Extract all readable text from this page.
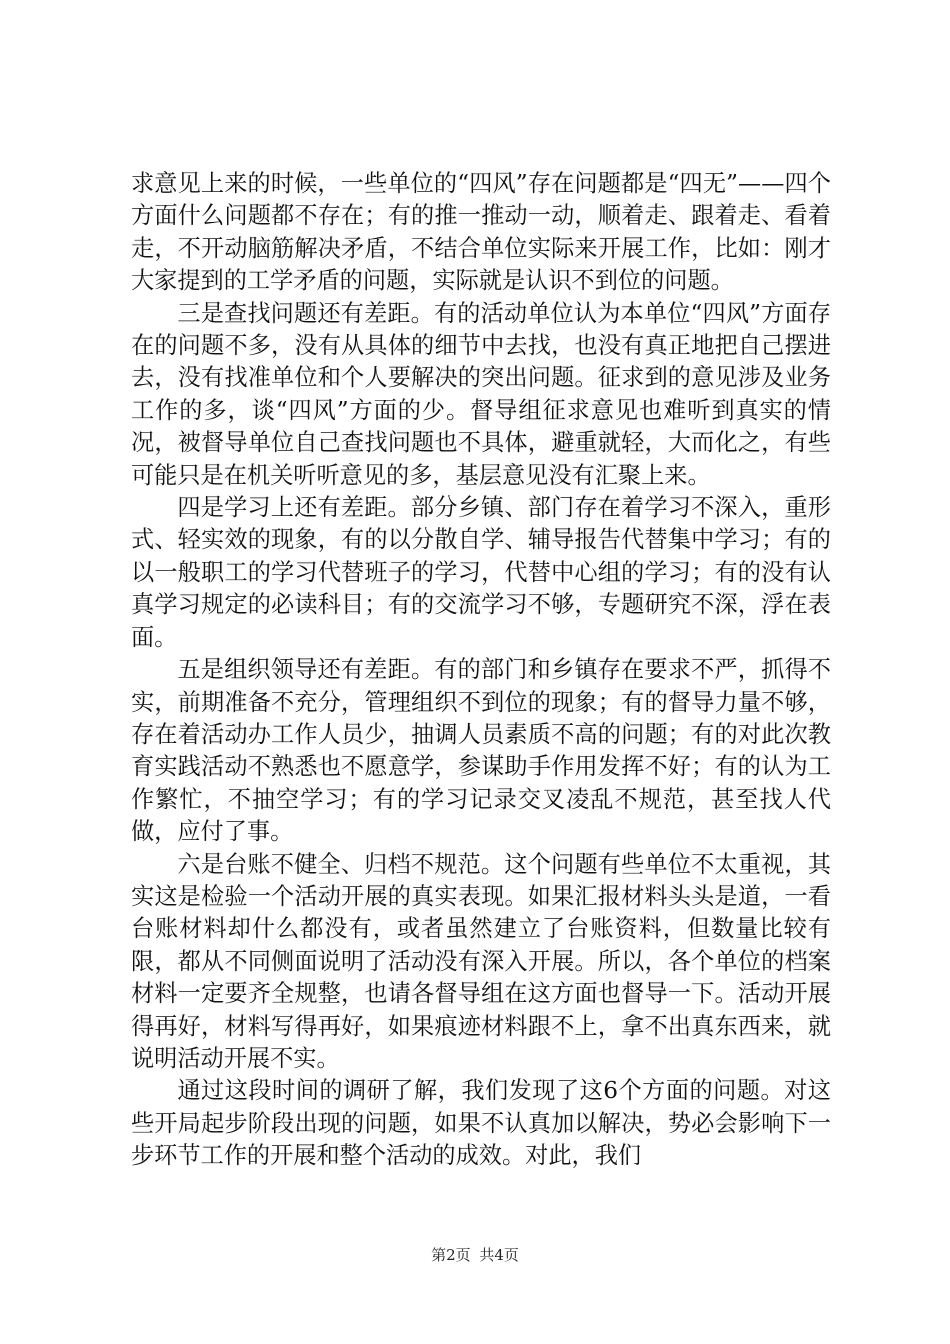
求意见上来的时候，一些单位的“四风”存在问题都是“四无”——四个方面什么问题都不存在；有的推一推动一动，顺着走、跟着走、看着走，不开动脑筋解决矛盾，不结合单位实际来开展工作，比如：刚才大家提到的工学矛盾的问题，实际就是认识不到位的问题。

三是查找问题还有差距。有的活动单位认为本单位“四风”方面存在的问题不多，没有从具体的细节中去找，也没有真正地把自己摆进去，没有找准单位和个人要解决的突出问题。征求到的意见涉及业务工作的多，谈“四风”方面的少。督导组征求意见也难听到真实的情况，被督导单位自己查找问题也不具体，避重就轻，大而化之，有些可能只是在机关听听意见的多，基层意见没有汇聚上来。

四是学习上还有差距。部分乡镇、部门存在着学习不深入，重形式、轻实效的现象，有的以分散自学、辅导报告代替集中学习；有的以一般职工的学习代替班子的学习，代替中心组的学习；有的没有认真学习规定的必读科目；有的交流学习不够，专题研究不深，浮在表面。

五是组织领导还有差距。有的部门和乡镇存在要求不严，抓得不实，前期准备不充分，管理组织不到位的现象；有的督导力量不够，存在着活动办工作人员少，抽调人员素质不高的问题；有的对此次教育实践活动不熟悉也不愿意学，参谋助手作用发挥不好；有的认为工作繁忙，不抽空学习；有的学习记录交叉凌乱不规范，甚至找人代做，应付了事。

六是台账不健全、归档不规范。这个问题有些单位不太重视，其实这是检验一个活动开展的真实表现。如果汇报材料头头是道，一看台账材料却什么都没有，或者虽然建立了台账资料，但数量比较有限，都从不同侧面说明了活动没有深入开展。所以，各个单位的档案材料一定要齐全规整，也请各督导组在这方面也督导一下。活动开展得再好，材料写得再好，如果痕迹材料跟不上，拿不出真东西来，就说明活动开展不实。

通过这段时间的调研了解，我们发现了这6个方面的问题。对这些开局起步阶段出现的问题，如果不认真加以解决，势必会影响下一步环节工作的开展和整个活动的成效。对此，我们

第2页 共4页
